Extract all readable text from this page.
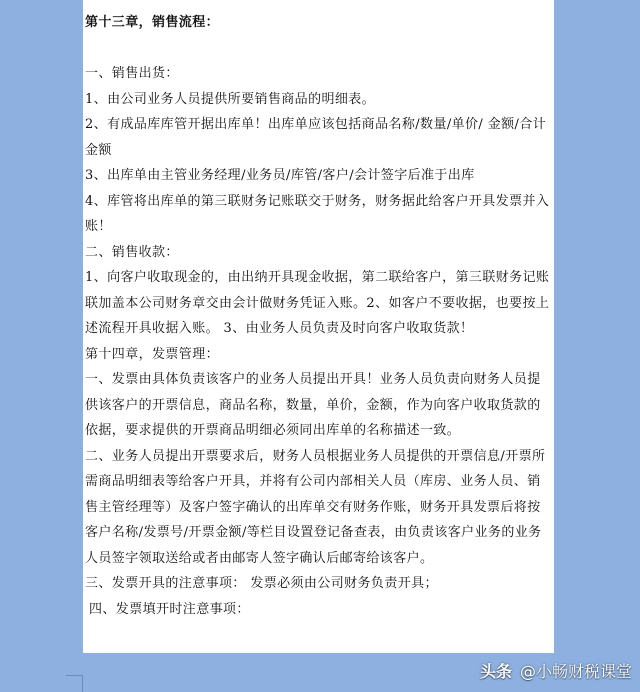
第十三章，销售流程：

一、销售出货：

1、由公司业务人员提供所要销售商品的明细表。

2、有成品库库管开据出库单！出库单应该包括商品名称/数量/单价/ 金额/合计金额

3、出库单由主管业务经理/业务员/库管/客户/会计签字后准于出库

4、库管将出库单的第三联财务记账联交于财务，财务据此给客户开具发票并入账！

二、销售收款：

1、向客户收取现金的，由出纳开具现金收据，第二联给客户，第三联财务记账联加盖本公司财务章交由会计做财务凭证入账。2、如客户不要收据，也要按上述流程开具收据入账。 3、由业务人员负责及时向客户收取货款！

第十四章，发票管理：

一、发票由具体负责该客户的业务人员提出开具！业务人员负责向财务人员提供该客户的开票信息，商品名称，数量，单价，金额，作为向客户收取货款的依据，要求提供的开票商品明细必须同出库单的名称描述一致。

二、业务人员提出开票要求后，财务人员根据业务人员提供的开票信息/开票所需商品明细表等给客户开具，并将有公司内部相关人员（库房、业务人员、销售主管经理等）及客户签字确认的出库单交有财务作账，财务开具发票后将按客户名称/发票号/开票金额/等栏目设置登记备查表，由负责该客户业务的业务人员签字领取送给或者由邮寄人签字确认后邮寄给该客户。

三、发票开具的注意事项： 发票必须由公司财务负责开具；

四、发票填开时注意事项：

头条 @小畅财税课堂
